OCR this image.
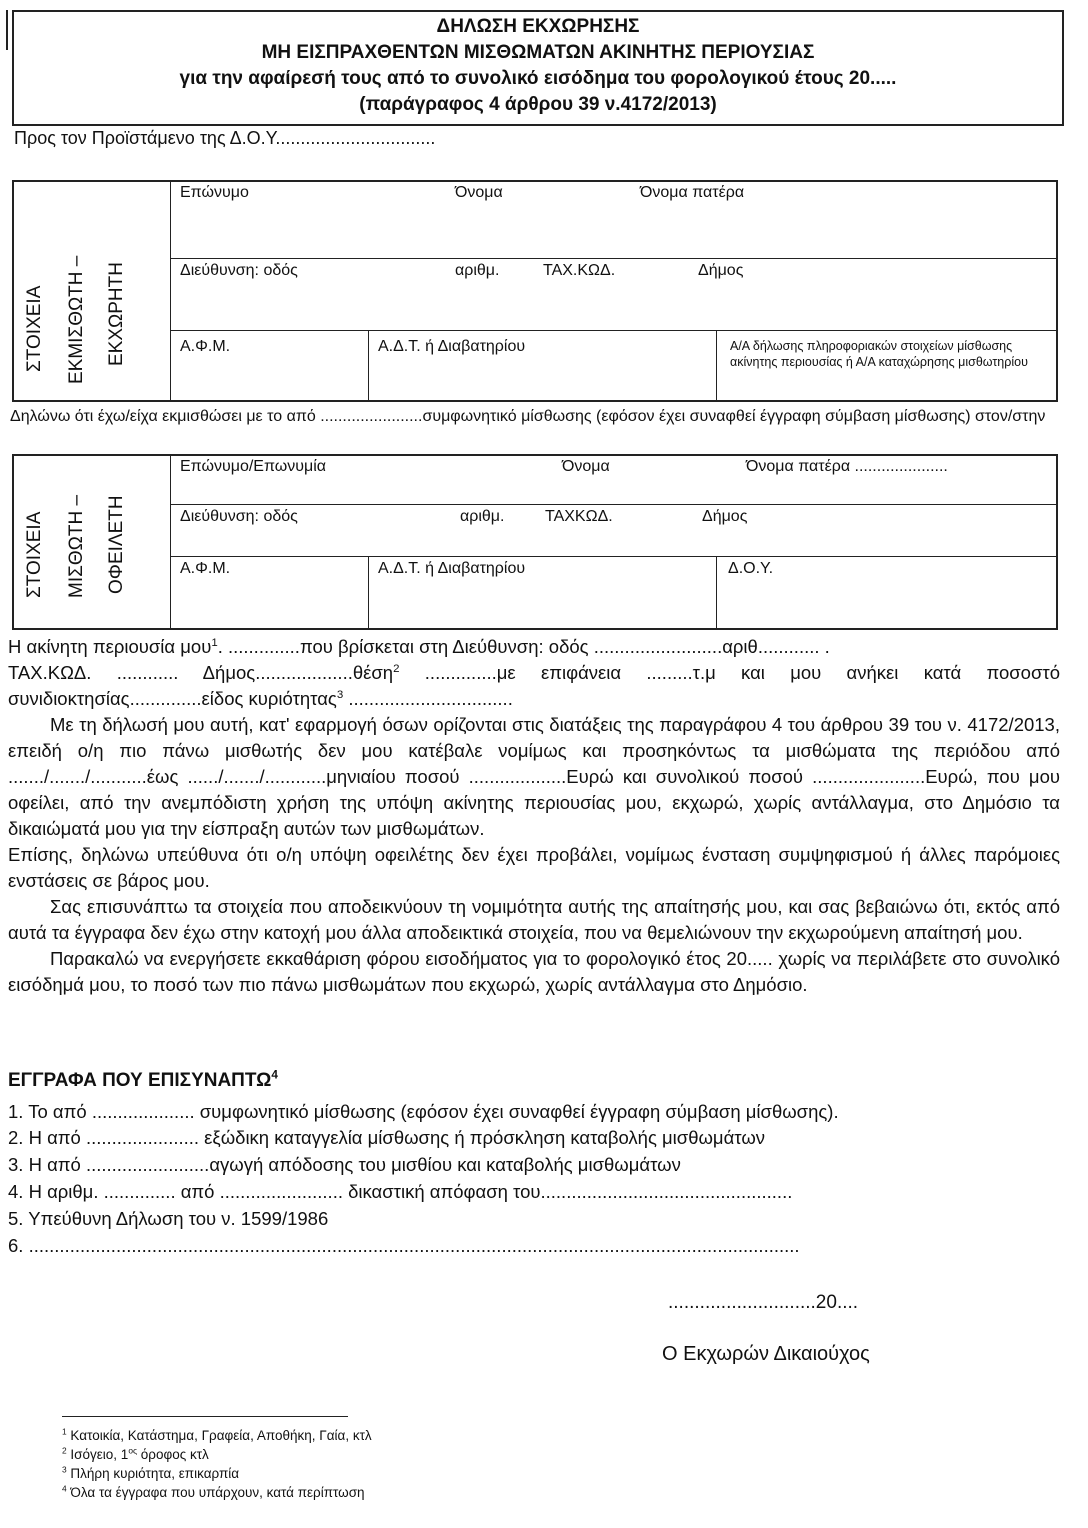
ΔΗΛΩΣΗ ΕΚΧΩΡΗΣΗΣ
ΜΗ ΕΙΣΠΡΑΧΘΕΝΤΩΝ ΜΙΣΘΩΜΑΤΩΝ ΑΚΙΝΗΤΗΣ ΠΕΡΙΟΥΣΙΑΣ
για την αφαίρεσή τους από το συνολικό εισόδημα του φορολογικού έτους 20.....
(παράγραφος 4 άρθρου 39 ν.4172/2013)
Προς τον Προϊστάμενο της Δ.Ο.Υ................................
ΣΤΟΙΧΕΙΑ ΕΚΜΙΣΘΩΤΗ – ΕΚΧΩΡΗΤΗ
Επώνυμο	Όνομα	Όνομα πατέρα
Διεύθυνση: οδός	αριθμ.	ΤΑΧ.ΚΩΔ.	Δήμος
Α.Φ.Μ.	Α.Δ.Τ. ή Διαβατηρίου	Α/Α δήλωσης πληροφοριακών στοιχείων μίσθωσης
ακίνητης περιουσίας ή Α/Α καταχώρησης μισθωτηρίου
Δηλώνω ότι έχω/είχα εκμισθώσει με το από .......................συμφωνητικό μίσθωσης (εφόσον έχει συναφθεί έγγραφη σύμβαση μίσθωσης) στον/στην
ΣΤΟΙΧΕΙΑ ΜΙΣΘΩΤΗ – ΟΦΕΙΛΕΤΗ
Επώνυμο/Επωνυμία	Όνομα	Όνομα πατέρα .....................
Διεύθυνση: οδός	αριθμ.	ΤΑΧΚΩΔ.	Δήμος
Α.Φ.Μ.	Α.Δ.Τ. ή Διαβατηρίου	Δ.Ο.Υ.

Η ακίνητη περιουσία μου$^1$. ..............που βρίσκεται στη Διεύθυνση: οδός .........................αριθ............ .

ΤΑΧ.ΚΩΔ. ............ Δήμος...................θέση$^2$ ..............με επιφάνεια .........τ.μ και μου ανήκει κατά ποσοστό

συνιδιοκτησίας..............είδος κυριότητας$^3$ ................................

Με τη δήλωσή μου αυτή, κατ' εφαρμογή όσων ορίζονται στις διατάξεις της παραγράφου 4 του άρθρου 39 του ν. 4172/2013, επειδή ο/η πιο πάνω μισθωτής δεν μου κατέβαλε νομίμως και προσηκόντως τα μισθώματα της περιόδου από ......./......./...........έως ....../......./............μηνιαίου ποσού ...................Ευρώ και συνολικού ποσού ......................Ευρώ, που μου οφείλει, από την ανεμπόδιστη χρήση της υπόψη ακίνητης περιουσίας μου, εκχωρώ, χωρίς αντάλλαγμα, στο Δημόσιο τα δικαιώματά μου για την είσπραξη αυτών των μισθωμάτων.

Επίσης, δηλώνω υπεύθυνα ότι ο/η υπόψη οφειλέτης δεν έχει προβάλει, νομίμως ένσταση συμψηφισμού ή άλλες παρόμοιες ενστάσεις σε βάρος μου.

Σας επισυνάπτω τα στοιχεία που αποδεικνύουν τη νομιμότητα αυτής της απαίτησής μου, και σας βεβαιώνω ότι, εκτός από αυτά τα έγγραφα δεν έχω στην κατοχή μου άλλα αποδεικτικά στοιχεία, που να θεμελιώνουν την εκχωρούμενη απαίτησή μου.

Παρακαλώ να ενεργήσετε εκκαθάριση φόρου εισοδήματος για το φορολογικό έτος 20..... χωρίς να περιλάβετε στο συνολικό εισόδημά μου, το ποσό των πιο πάνω μισθωμάτων που εκχωρώ, χωρίς αντάλλαγμα στο Δημόσιο.

ΕΓΓΡΑΦΑ ΠΟΥ ΕΠΙΣΥΝΑΠΤΩ$^4$
1. Το από .................... συμφωνητικό μίσθωσης (εφόσον έχει συναφθεί έγγραφη σύμβαση μίσθωσης).
2. Η από ...................... εξώδικη καταγγελία μίσθωσης ή πρόσκληση καταβολής μισθωμάτων
3. Η από ........................αγωγή απόδοσης του μισθίου και καταβολής μισθωμάτων
4. Η αριθμ. .............. από ........................ δικαστική απόφαση του.................................................
5. Υπεύθυνη Δήλωση του ν. 1599/1986
6. ......................................................................................................................................................
............................20....
Ο Εκχωρών Δικαιούχος
$^1$ Κατοικία, Κατάστημα, Γραφεία, Αποθήκη, Γαία, κτλ
$^2$ Ισόγειο, $1^{o\varsigma}$ όροφος κτλ
$^3$ Πλήρη κυριότητα, επικαρπία
$^4$ Όλα τα έγγραφα που υπάρχουν, κατά περίπτωση
